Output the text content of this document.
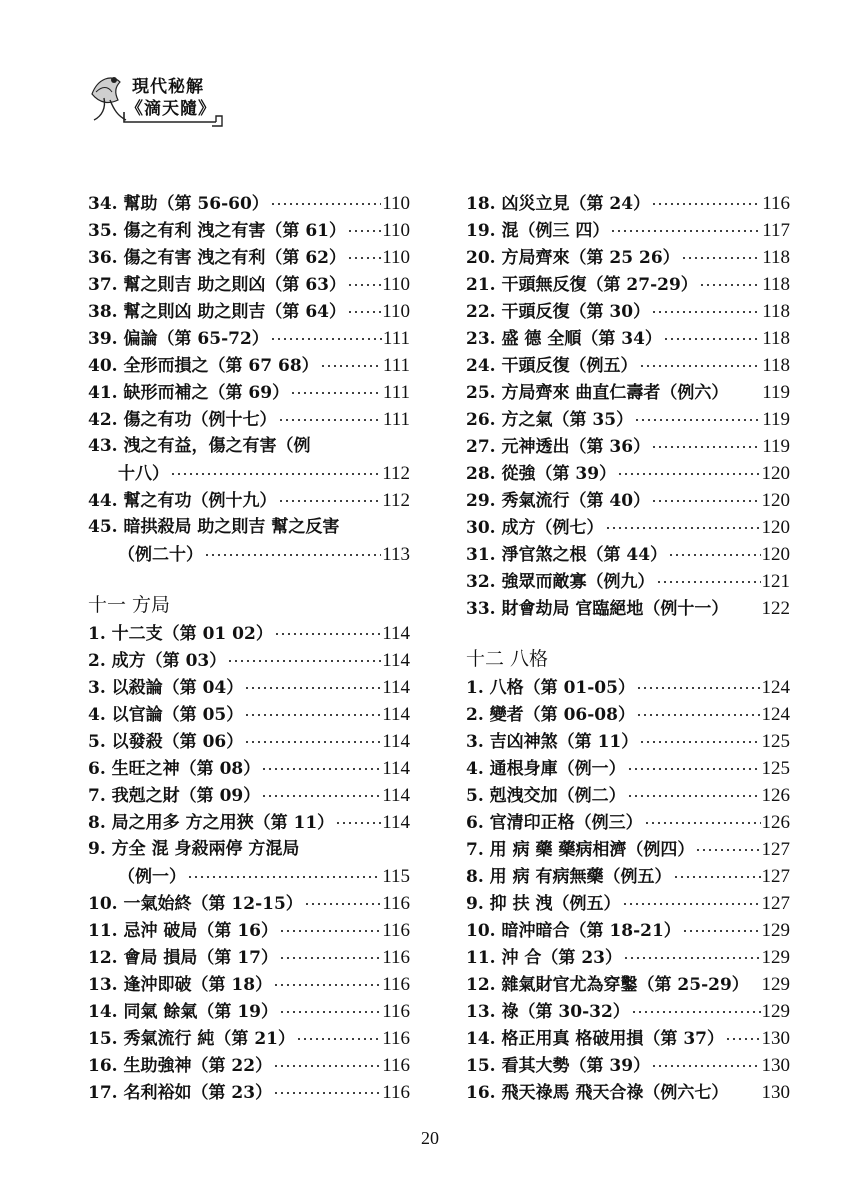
現代秘解
《滴天隨》
34. 幫助（第 56-60）	110
35. 傷之有利 洩之有害（第 61） 110
36. 傷之有害 洩之有利（第 62） 110
37. 幫之則吉 助之則凶（第 63） 110
38. 幫之則凶 助之則吉（第 64） 110
39. 偏論（第 65-72）	111
40. 全形而損之（第 67 68）	111
41. 缺形而補之（第 69）	111
42. 傷之有功（例十七）	111
43. 洩之有益，傷之有害（例
十八）	112
44. 幫之有功（例十九）	112
45. 暗拱殺局 助之則吉 幫之反害
（例二十）	113
十一 方局
1. 十二支（第 01 02）	114
2. 成方（第 03）	114
3. 以殺論（第 04）	114
4. 以官論（第 05）	114
5. 以發殺（第 06）	114
6. 生旺之神（第 08）	114
7. 我剋之財（第 09）	114
8. 局之用多 方之用狹（第 11）	114
9. 方全 混 身殺兩停 方混局
（例一）	115
10. 一氣始終（第 12-15）	116
11. 忌沖 破局（第 16）	116
12. 會局 損局（第 17）	116
13. 逢沖即破（第 18）	116
14. 同氣 餘氣（第 19）	116
15. 秀氣流行 純（第 21）	116
16. 生助強神（第 22）	116
17. 名利裕如（第 23）	116
18. 凶災立見（第 24）	116
19. 混（例三 四）	117
20. 方局齊來（第 25 26）	118
21. 干頭無反復（第 27-29）	118
22. 干頭反復（第 30）	118
23. 盛 德 全順（第 34）	118
24. 干頭反復（例五）	118
25. 方局齊來 曲直仁壽者（例六）	119
26. 方之氣（第 35）	119
27. 元神透出（第 36）	119
28. 從強（第 39）	120
29. 秀氣流行（第 40）	120
30. 成方（例七）	120
31. 淨官煞之根（第 44）	120
32. 強眾而敵寡（例九）	121
33. 財會劫局 官臨絕地（例十一）	122
十二 八格
1. 八格（第 01-05）	124
2. 變者（第 06-08）	124
3. 吉凶神煞（第 11）	125
4. 通根身庫（例一）	125
5. 剋洩交加（例二）	126
6. 官清印正格（例三）	126
7. 用 病 藥 藥病相濟（例四）	127
8. 用 病 有病無藥（例五）	127
9. 抑 扶 洩（例五）	127
10. 暗沖暗合（第 18-21）	129
11. 沖 合（第 23）	129
12. 雜氣財官尤為穿鑿（第 25-29） 129
13. 祿（第 30-32）	129
14. 格正用真 格破用損（第 37） 130
15. 看其大勢（第 39）	130
16. 飛天祿馬 飛天合祿（例六七）	130
20
